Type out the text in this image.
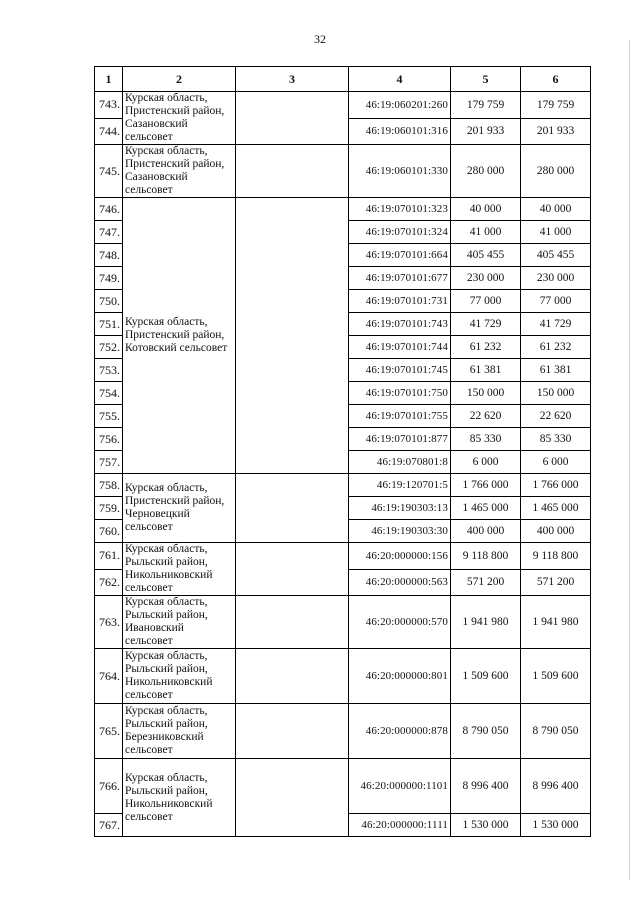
32
1	2	3	4	5	6
743.	Курская область, Пристенский район, Сазановский сельсовет		46:19:060201:260	179 759	179 759
744.			46:19:060101:316	201 933	201 933
745.	Курская область, Пристенский район, Сазановский сельсовет		46:19:060101:330	280 000	280 000
746.	Курская область, Пристенский район, Котовский сельсовет		46:19:070101:323	40 000	40 000
747.			46:19:070101:324	41 000	41 000
748.			46:19:070101:664	405 455	405 455
749.			46:19:070101:677	230 000	230 000
750.			46:19:070101:731	77 000	77 000
751.			46:19:070101:743	41 729	41 729
752.			46:19:070101:744	61 232	61 232
753.			46:19:070101:745	61 381	61 381
754.			46:19:070101:750	150 000	150 000
755.			46:19:070101:755	22 620	22 620
756.			46:19:070101:877	85 330	85 330
757.			46:19:070801:8	6 000	6 000
758.	Курская область, Пристенский район, Черновецкий сельсовет		46:19:120701:5	1 766 000	1 766 000
759.			46:19:190303:13	1 465 000	1 465 000
760.			46:19:190303:30	400 000	400 000
761.	Курская область, Рыльский район, Никольниковский сельсовет		46:20:000000:156	9 118 800	9 118 800
762.			46:20:000000:563	571 200	571 200
763.	Курская область, Рыльский район, Ивановский сельсовет		46:20:000000:570	1 941 980	1 941 980
764.	Курская область, Рыльский район, Никольниковский сельсовет		46:20:000000:801	1 509 600	1 509 600
765.	Курская область, Рыльский район, Березниковский сельсовет		46:20:000000:878	8 790 050	8 790 050
766.	Курская область, Рыльский район, Никольниковский сельсовет		46:20:000000:1101	8 996 400	8 996 400
767.			46:20:000000:1111	1 530 000	1 530 000
